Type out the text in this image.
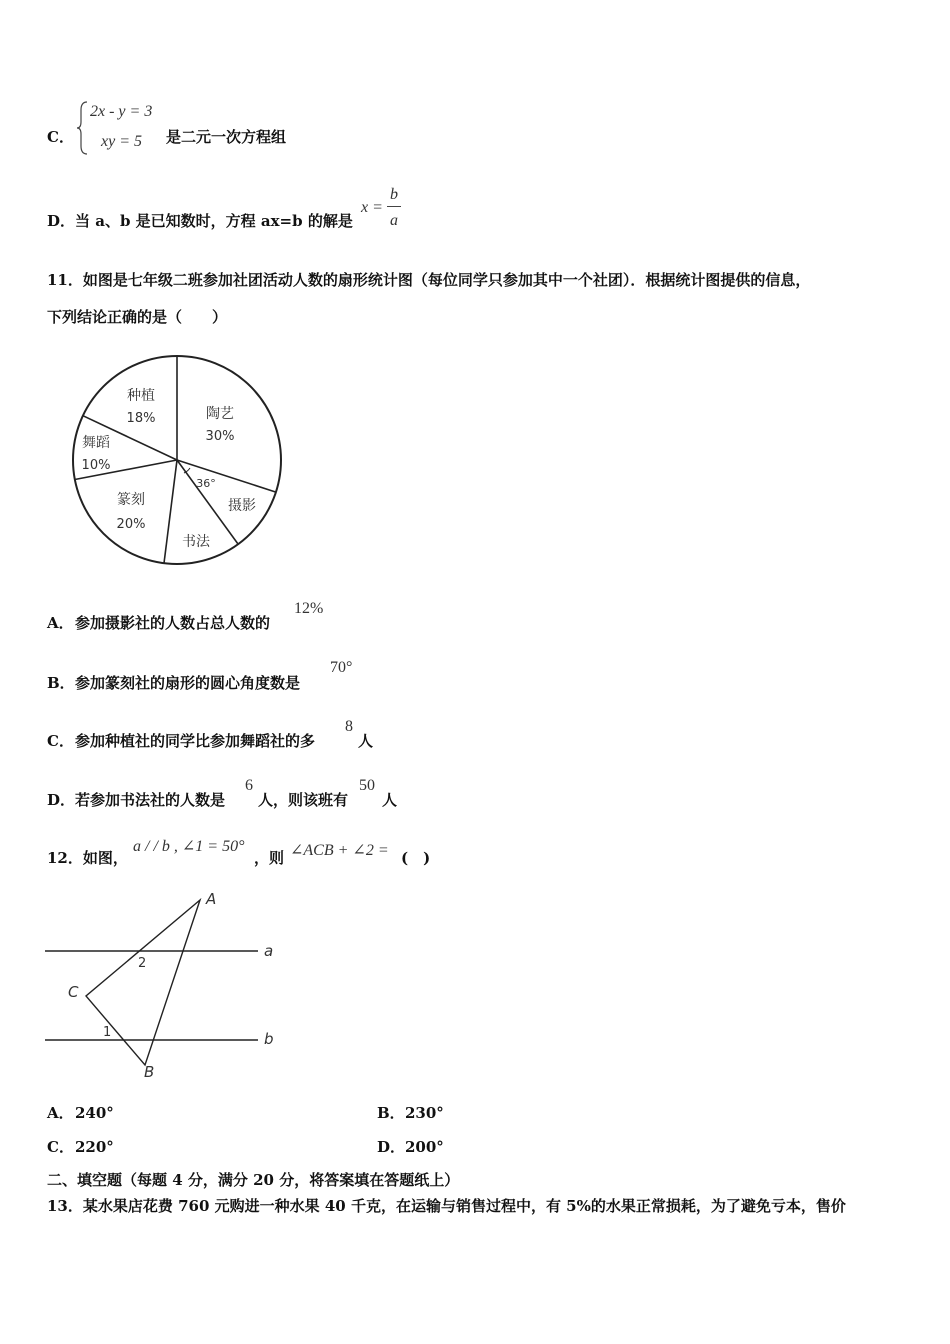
C．
2x - y = 3
xy = 5 是二元一次方程组
D． 当 a、b 是已知数时，方程 ax=b 的解是
x =
b
a
11．如图是七年级二班参加社团活动人数的扇形统计图（每位同学只参加其中一个社团）．根据统计图提供的信息，
下列结论正确的是（　　）
陶艺
30%
摄影
书法
篆刻
20%
舞蹈
10%
种植
18%
36°
A． 参加摄影社的人数占总人数的
12%
B． 参加篆刻社的扇形的圆心角度数是
70°
C． 参加种植社的同学比参加舞蹈社的多
8
人
D． 若参加书法社的人数是
6
人，则该班有
50
人
12．如图，
a / / b , ∠1 = 50°
，则 ∠ACB + ∠2 = (　)
A
B
C
a
b
2
1
A． 240°	B． 230°
C． 220°	D． 200°
二、填空题（每题 4 分，满分 20 分，将答案填在答题纸上）
13．某水果店花费 760 元购进一种水果 40 千克，在运输与销售过程中，有 5%的水果正常损耗，为了避免亏本，售价
